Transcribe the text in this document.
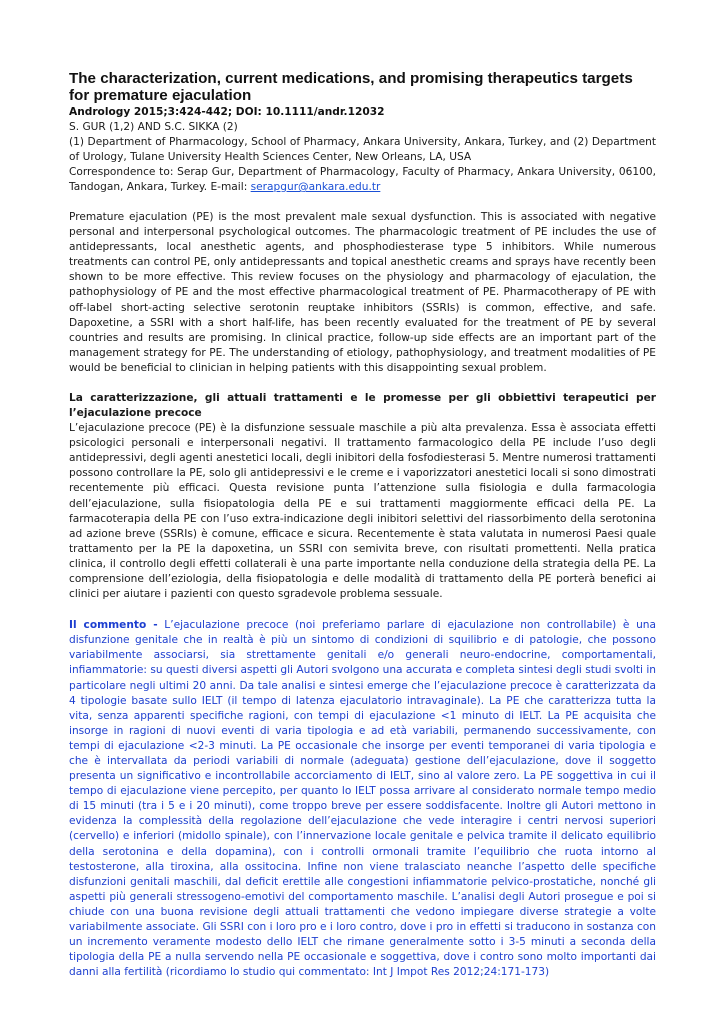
The characterization, current medications, and promising therapeutics targets for premature ejaculation

Andrology 2015;3:424-442; DOI: 10.1111/andr.12032

S. GUR (1,2) AND S.C. SIKKA (2)

(1) Department of Pharmacology, School of Pharmacy, Ankara University, Ankara, Turkey, and (2) Department of Urology, Tulane University Health Sciences Center, New Orleans, LA, USA

Correspondence to: Serap Gur, Department of Pharmacology, Faculty of Pharmacy, Ankara University, 06100, Tandogan, Ankara, Turkey. E-mail: serapgur@ankara.edu.tr

Premature ejaculation (PE) is the most prevalent male sexual dysfunction. This is associated with negative personal and interpersonal psychological outcomes. The pharmacologic treatment of PE includes the use of antidepressants, local anesthetic agents, and phosphodiesterase type 5 inhibitors. While numerous treatments can control PE, only antidepressants and topical anesthetic creams and sprays have recently been shown to be more effective. This review focuses on the physiology and pharmacology of ejaculation, the pathophysiology of PE and the most effective pharmacological treatment of PE. Pharmacotherapy of PE with off-label short-acting selective serotonin reuptake inhibitors (SSRIs) is common, effective, and safe. Dapoxetine, a SSRI with a short half-life, has been recently evaluated for the treatment of PE by several countries and results are promising. In clinical practice, follow-up side effects are an important part of the management strategy for PE. The understanding of etiology, pathophysiology, and treatment modalities of PE would be beneficial to clinician in helping patients with this disappointing sexual problem.

La caratterizzazione, gli attuali trattamenti e le promesse per gli obbiettivi terapeutici per l’ejaculazione precoce

L’ejaculazione precoce (PE) è la disfunzione sessuale maschile a più alta prevalenza. Essa è associata effetti psicologici personali e interpersonali negativi. Il trattamento farmacologico della PE include l’uso degli antidepressivi, degli agenti anestetici locali, degli inibitori della fosfodiesterasi 5. Mentre numerosi trattamenti possono controllare la PE, solo gli antidepressivi e le creme e i vaporizzatori anestetici locali si sono dimostrati recentemente più efficaci. Questa revisione punta l’attenzione sulla fisiologia e dulla farmacologia dell’ejaculazione, sulla fisiopatologia della PE e sui trattamenti maggiormente efficaci della PE. La farmacoterapia della PE con l’uso extra-indicazione degli inibitori selettivi del riassorbimento della serotonina ad azione breve (SSRIs) è comune, efficace e sicura. Recentemente è stata valutata in numerosi Paesi quale trattamento per la PE la dapoxetina, un SSRI con semivita breve, con risultati promettenti. Nella pratica clinica, il controllo degli effetti collaterali è una parte importante nella conduzione della strategia della PE. La comprensione dell’eziologia, della fisiopatologia e delle modalità di trattamento della PE porterà benefici ai clinici per aiutare i pazienti con questo sgradevole problema sessuale.

Il commento - L’ejaculazione precoce (noi preferiamo parlare di ejaculazione non controllabile) è una disfunzione genitale che in realtà è più un sintomo di condizioni di squilibrio e di patologie, che possono variabilmente associarsi, sia strettamente genitali e/o generali neuro-endocrine, comportamentali, infiammatorie: su questi diversi aspetti gli Autori svolgono una accurata e completa sintesi degli studi svolti in particolare negli ultimi 20 anni. Da tale analisi e sintesi emerge che l’ejaculazione precoce è caratterizzata da 4 tipologie basate sullo IELT (il tempo di latenza ejaculatorio intravaginale). La PE che caratterizza tutta la vita, senza apparenti specifiche ragioni, con tempi di ejaculazione <1 minuto di IELT. La PE acquisita che insorge in ragioni di nuovi eventi di varia tipologia e ad età variabili, permanendo successivamente, con tempi di ejaculazione <2-3 minuti. La PE occasionale che insorge per eventi temporanei di varia tipologia e che è intervallata da periodi variabili di normale (adeguata) gestione dell’ejaculazione, dove il soggetto presenta un significativo e incontrollabile accorciamento di IELT, sino al valore zero. La PE soggettiva in cui il tempo di ejaculazione viene percepito, per quanto lo IELT possa arrivare al considerato normale tempo medio di 15 minuti (tra i 5 e i 20 minuti), come troppo breve per essere soddisfacente. Inoltre gli Autori mettono in evidenza la complessità della regolazione dell’ejaculazione che vede interagire i centri nervosi superiori (cervello) e inferiori (midollo spinale), con l’innervazione locale genitale e pelvica tramite il delicato equilibrio della serotonina e della dopamina), con i controlli ormonali tramite l’equilibrio che ruota intorno al testosterone, alla tiroxina, alla ossitocina. Infine non viene tralasciato neanche l’aspetto delle specifiche disfunzioni genitali maschili, dal deficit erettile alle congestioni infiammatorie pelvico-prostatiche, nonché gli aspetti più generali stressogeno-emotivi del comportamento maschile. L’analisi degli Autori prosegue e poi si chiude con una buona revisione degli attuali trattamenti che vedono impiegare diverse strategie a volte variabilmente associate. Gli SSRI con i loro pro e i loro contro, dove i pro in effetti si traducono in sostanza con un incremento veramente modesto dello IELT che rimane generalmente sotto i 3-5 minuti a seconda della tipologia della PE a nulla servendo nella PE occasionale e soggettiva, dove i contro sono molto importanti dai danni alla fertilità (ricordiamo lo studio qui commentato: Int J Impot Res 2012;24:171-173)
